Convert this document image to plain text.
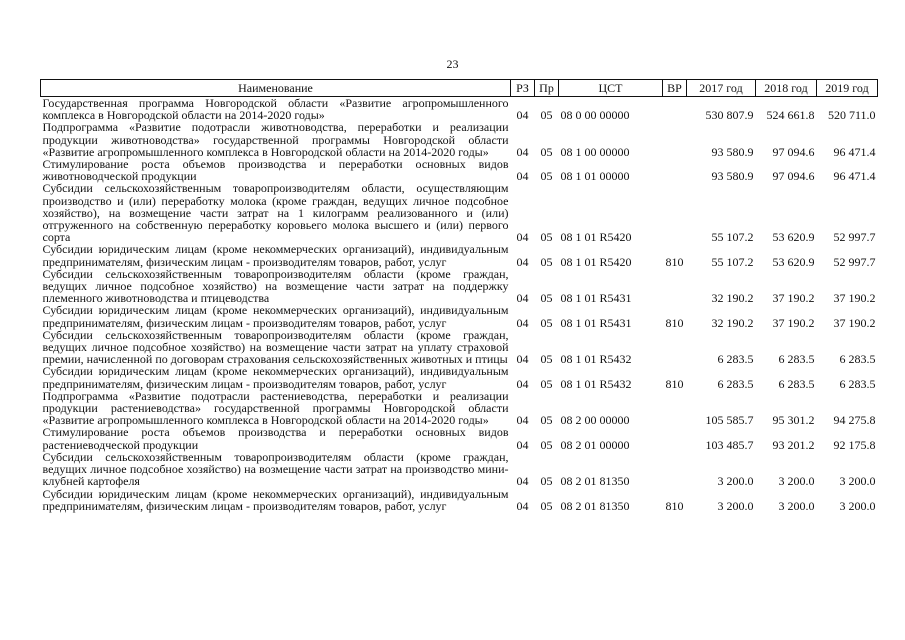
23
Наименование	РЗ	Пр	ЦСТ	ВР	2017 год	2018 год	2019 год
Государственная программа Новгородской области «Развитие агропромышленного комплекса в Новгородской области на 2014-2020 годы»	04	05	08 0 00 00000		530 807.9	524 661.8	520 711.0
Подпрограмма «Развитие подотрасли животноводства, переработки и реализации продукции животноводства» государственной программы Новгородской области «Развитие агропромышленного комплекса в Новгородской области на 2014-2020 годы»	04	05	08 1 00 00000		93 580.9	97 094.6	96 471.4
Стимулирование роста объемов производства и переработки основных видов животноводческой продукции	04	05	08 1 01 00000		93 580.9	97 094.6	96 471.4
Субсидии сельскохозяйственным товаропроизводителям области, осуществляющим производство и (или) переработку молока (кроме граждан, ведущих личное подсобное хозяйство), на возмещение части затрат на 1 килограмм реализованного и (или) отгруженного на собственную переработку коровьего молока высшего и (или) первого сорта	04	05	08 1 01 R5420		55 107.2	53 620.9	52 997.7
Субсидии юридическим лицам (кроме некоммерческих организаций), индивидуальным предпринимателям, физическим лицам - производителям товаров, работ, услуг	04	05	08 1 01 R5420	810	55 107.2	53 620.9	52 997.7
Субсидии сельскохозяйственным товаропроизводителям области (кроме граждан, ведущих личное подсобное хозяйство) на возмещение части затрат на поддержку племенного животноводства и птицеводства	04	05	08 1 01 R5431		32 190.2	37 190.2	37 190.2
Субсидии юридическим лицам (кроме некоммерческих организаций), индивидуальным предпринимателям, физическим лицам - производителям товаров, работ, услуг	04	05	08 1 01 R5431	810	32 190.2	37 190.2	37 190.2
Субсидии сельскохозяйственным товаропроизводителям области (кроме граждан, ведущих личное подсобное хозяйство) на возмещение части затрат на уплату страховой премии, начисленной по договорам страхования сельскохозяйственных животных и птицы	04	05	08 1 01 R5432		6 283.5	6 283.5	6 283.5
Субсидии юридическим лицам (кроме некоммерческих организаций), индивидуальным предпринимателям, физическим лицам - производителям товаров, работ, услуг	04	05	08 1 01 R5432	810	6 283.5	6 283.5	6 283.5
Подпрограмма «Развитие подотрасли растениеводства, переработки и реализации продукции растениеводства» государственной программы Новгородской области «Развитие агропромышленного комплекса в Новгородской области на 2014-2020 годы»	04	05	08 2 00 00000		105 585.7	95 301.2	94 275.8
Стимулирование роста объемов производства и переработки основных видов растениеводческой продукции	04	05	08 2 01 00000		103 485.7	93 201.2	92 175.8
Субсидии сельскохозяйственным товаропроизводителям области (кроме граждан, ведущих личное подсобное хозяйство) на возмещение части затрат на производство мини-клубней картофеля	04	05	08 2 01 81350		3 200.0	3 200.0	3 200.0
Субсидии юридическим лицам (кроме некоммерческих организаций), индивидуальным предпринимателям, физическим лицам - производителям товаров, работ, услуг	04	05	08 2 01 81350	810	3 200.0	3 200.0	3 200.0
